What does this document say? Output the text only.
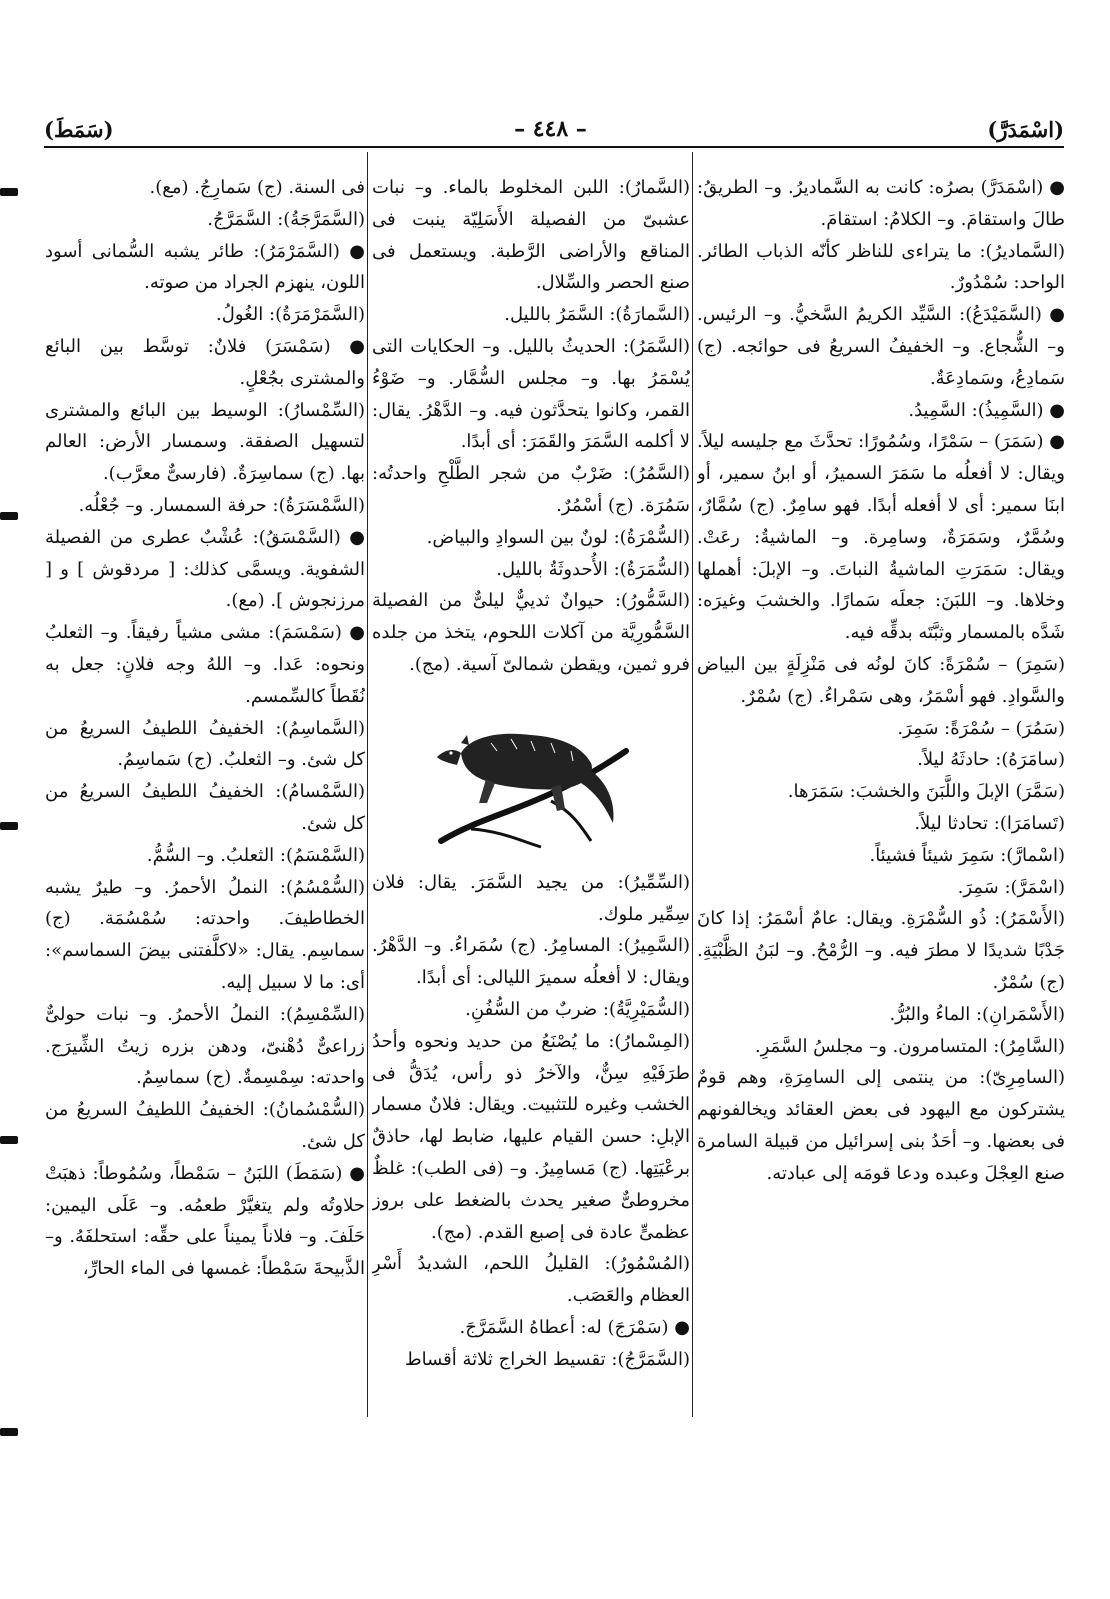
(سَمَطَ)	– ٤٤٨ –	(اسْمَدَرَّ)

● (اسْمَدَرَّ) بصرُه: كانت به السَّماديرُ. و– الطريقُ: طالَ واستقامَ. و– الكلامُ: استقامَ.

(السَّماديرُ): ما يتراءى للناظر كأنّه الذباب الطائر. الواحد: سُمْدُورٌ.

● (السَّمَيْدَعُ): السَّيِّد الكريمُ السَّخيُّ. و– الرئيس. و– الشُّجاع. و– الخفيفُ السريعُ فى حوائجه. (ج) سَمادِعُ، وسَمادِعَةٌ.

● (السَّمِيذُ): السَّمِيدُ.

● (سَمَرَ) – سَمْرًا، وسُمُورًا: تحدَّثَ مع جليسه ليلاً. ويقال: لا أفعلُه ما سَمَرَ السميرُ، أو ابنُ سمير، أو ابنَا سمير: أى لا أفعله أبدًا. فهو سامِرٌ. (ج) سُمَّارٌ، وسُمَّرٌ، وسَمَرَةٌ، وسامِرة. و– الماشيةُ: رعَتْ. ويقال: سَمَرَتِ الماشيةُ النباتَ. و– الإبلَ: أهملها وخلاها. و– اللبَنَ: جعلَه سَمارًا. والخشبَ وغيرَه: شَدَّه بالمسمار وثبَّتَه بدقِّه فيه.

(سَمِرَ) – سُمْرَةً: كانَ لونُه فى مَنْزِلَةٍ بين البياض والسَّوادِ. فهو أسْمَرُ، وهى سَمْراءُ. (ج) سُمْرٌ.

(سَمُرَ) – سُمْرَةً: سَمِرَ.

(سامَرَهُ): حادثَهُ ليلاً.

(سَمَّرَ) الإبلَ واللَّبَنَ والخشبَ: سَمَرَها.

(تَسامَرَا): تحادثا ليلاً.

(اسْمارَّ): سَمِرَ شيئاً فشيئاً.

(اسْمَرَّ): سَمِرَ.

(الأَسْمَرُ): ذُو السُّمْرَةِ. ويقال: عامٌ أسْمَرُ: إذا كانَ جَدْبًا شديدًا لا مطرَ فيه. و– الرُّمْحُ. و– لبَنُ الظَّبْيَةِ. (ج) سُمْرٌ.

(الأَسْمَرانِ): الماءُ والبُرُّ.

(السَّامِرُ): المتسامرون. و– مجلسُ السَّمَرِ.

(السامِرِىّ): من ينتمى إلى السامِرَةِ، وهم قومٌ يشتركون مع اليهود فى بعض العقائد ويخالفونهم فى بعضها. و– أحَدُ بنى إسرائيل من قبيلة السامرة صنع العِجْلَ وعبده ودعا قومَه إلى عبادته.

(السَّمارُ): اللبن المخلوط بالماء. و– نبات عشبىّ من الفصيلة الأَسَلِيّة ينبت فى المناقع والأراضى الرَّطبة. ويستعمل فى صنع الحصر والسِّلال.

(السَّمارَةُ): السَّمَرُ بالليل.

(السَّمَرُ): الحديثُ بالليل. و– الحكايات التى يُسْمَرُ بها. و– مجلس السُّمَّار. و– ضَوْءُ القمر، وكانوا يتحدَّثون فيه. و– الدَّهْرُ. يقال: لا أكلمه السَّمَرَ والقَمَرَ: أى أبدًا.

(السَّمُرُ): ضَرْبٌ من شجر الطَّلْحِ واحدتُه: سَمُرَة. (ج) أسْمُرٌ.

(السُّمْرَةُ): لونٌ بين السوادِ والبياض.

(السُّمَرَةُ): الأُحدوثَةُ بالليل.

(السَّمُّورُ): حيوانٌ ثدييٌّ ليلىٌّ من الفصيلة السَّمُّورِيَّة من آكلات اللحوم، يتخذ من جلده فرو ثمين، ويقطن شمالىّ آسية. (مج).

(السِّمِّيرُ): من يجيد السَّمَرَ. يقال: فلان سِمِّير ملوك.

(السَّمِيرُ): المسامِرُ. (ج) سُمَراءُ. و– الدَّهْرُ. ويقال: لا أفعلُه سميرَ الليالى: أى أبدًا.

(السُّمَيْرِيَّةُ): ضربٌ من السُّفُنِ.

(المِسْمارُ): ما يُصْنَعُ من حديد ونحوه وأحدُ طرَفَيْهِ سِنٌّ، والآخرُ ذو رأس، يُدَقُّ فى الخشب وغيره للتثبيت. ويقال: فلانٌ مسمار الإبلِ: حسن القيام عليها، ضابط لها، حاذقٌ برعْيَتِها. (ج) مَسامِيرُ. و– (فى الطب): غلظٌ مخروطىٌّ صغير يحدث بالضغط على بروز عظمىٍّ عادة فى إصبع القدم. (مج).

(المُسْمُورُ): القليلُ اللحم، الشديدُ أَسْرِ العظام والعَصَب.

● (سَمْرَجَ) له: أعطاهُ السَّمَرَّجَ.

(السَّمَرَّجُ): تقسيط الخراج ثلاثة أقساط

فى السنة. (ج) سَمارِجُ. (مع).

(السَّمَرَّجَةُ): السَّمَرَّجُ.

● (السَّمَرْمَرُ): طائر يشبه السُّمانى أسود اللون، ينهزم الجراد من صوته.

(السَّمَرْمَرَةُ): الغُولُ.

● (سَمْسَرَ) فلانٌ: توسَّط بين البائع والمشترى بجُعْلٍ.

(السِّمْسارُ): الوسيط بين البائع والمشترى لتسهيل الصفقة. وسمسار الأرض: العالم بها. (ج) سماسِرَةٌ. (فارسىٌّ معرَّب).

(السَّمْسَرَةُ): حرفة السمسار. و– جُعْلُه.

● (السَّمْسَقُ): عُشْبٌ عطرى من الفصيلة الشفوية. ويسمَّى كذلك: [ مردقوش ] و [ مرزنجوش ]. (مع).

● (سَمْسَمَ): مشى مشياً رفيقاً. و– الثعلبُ ونحوه: عَدا. و– اللهُ وجه فلانٍ: جعل به نُقَطاً كالسِّمسم.

(السَّماسِمُ): الخفيفُ اللطيفُ السريعُ من كل شئ. و– الثعلبُ. (ج) سَماسِمُ.

(السَّمْسامُ): الخفيفُ اللطيفُ السريعُ من كل شئ.

(السَّمْسَمُ): الثعلبُ. و– السُّمُّ.

(السُّمْسُمُ): النملُ الأحمرُ. و– طيرٌ يشبه الخطاطيفَ. واحدته: سُمْسُمَة. (ج) سماسِم. يقال: «لاكلَّفتنى بيضَ السماسم»: أى: ما لا سبيل إليه.

(السِّمْسِمُ): النملُ الأحمرُ. و– نبات حولىٌّ زراعىٌّ دُهْنىّ، ودهن بزره زيتُ الشِّيرَج. واحدته: سِمْسِمةٌ. (ج) سماسِمُ.

(السُّمْسُمانُ): الخفيفُ اللطيفُ السريعُ من كل شئ.

● (سَمَطَ) اللبَنُ – سَمْطاً، وسُمُوطاً: ذهبَتْ حلاوتُه ولم يتغيَّرْ طعمُه. و– عَلَى اليمين: حَلَفَ. و– فلاناً يميناً على حقِّه: استحلفَهُ. و– الذَّبيحةَ سَمْطاً: غمسها فى الماء الحارِّ،
